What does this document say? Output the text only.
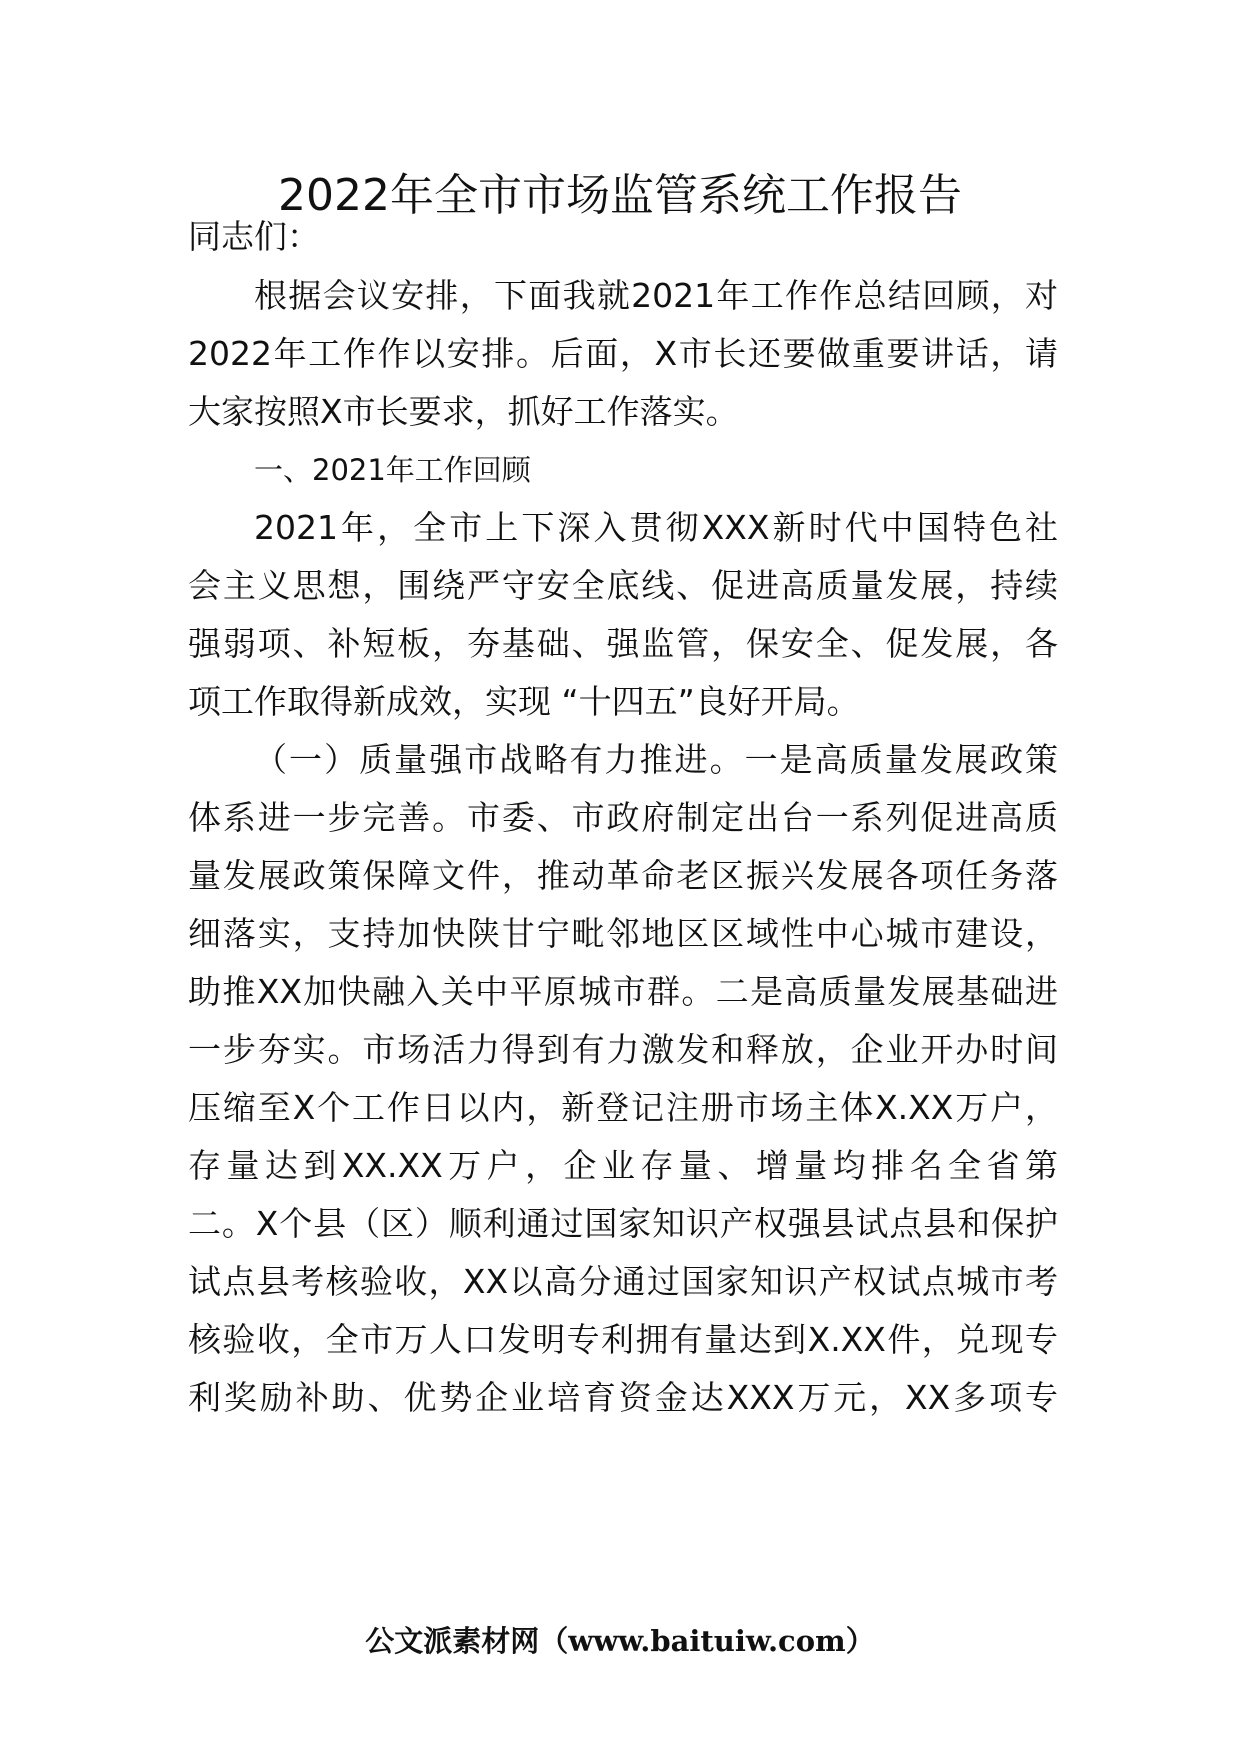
2022年全市市场监管系统工作报告
同志们：
根据会议安排，下面我就2021年工作作总结回顾，对
2022年工作作以安排。后面，X市长还要做重要讲话，请
大家按照X市长要求，抓好工作落实。
一、2021年工作回顾
2021年，全市上下深入贯彻XXX新时代中国特色社
会主义思想，围绕严守安全底线、促进高质量发展，持续
强弱项、补短板，夯基础、强监管，保安全、促发展，各
项工作取得新成效，实现 “十四五”良好开局。
（一）质量强市战略有力推进。一是高质量发展政策
体系进一步完善。市委、市政府制定出台一系列促进高质
量发展政策保障文件，推动革命老区振兴发展各项任务落
细落实，支持加快陕甘宁毗邻地区区域性中心城市建设，
助推XX加快融入关中平原城市群。二是高质量发展基础进
一步夯实。市场活力得到有力激发和释放，企业开办时间
压缩至X个工作日以内，新登记注册市场主体X.XX万户，
存量达到XX.XX万户，企业存量、增量均排名全省第
二。X个县（区）顺利通过国家知识产权强县试点县和保护
试点县考核验收，XX以高分通过国家知识产权试点城市考
核验收，全市万人口发明专利拥有量达到X.XX件，兑现专
利奖励补助、优势企业培育资金达XXX万元，XX多项专
公文派素材网（www.baituiw.com）
